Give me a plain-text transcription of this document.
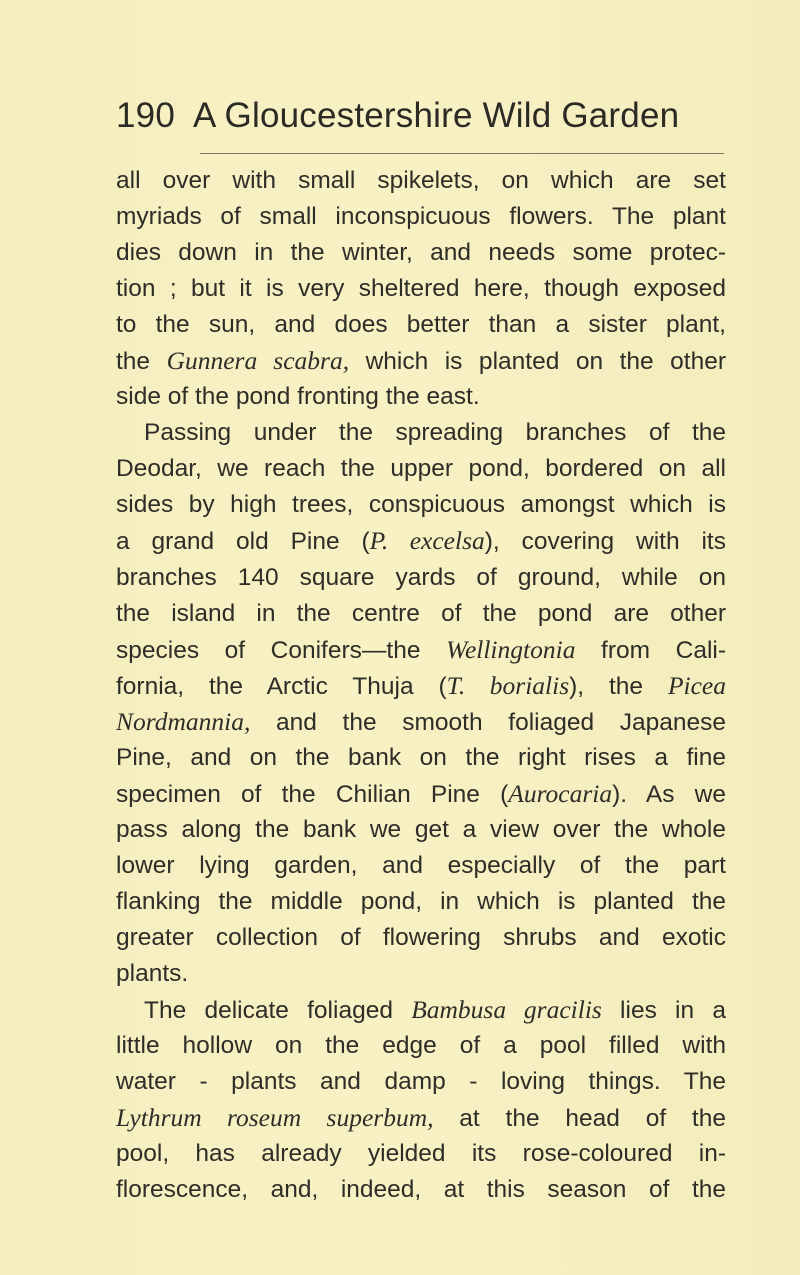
190 A Gloucestershire Wild Garden
all over with small spikelets, on which are set
myriads of small inconspicuous flowers. The plant
dies down in the winter, and needs some protec-
tion ; but it is very sheltered here, though exposed
to the sun, and does better than a sister plant,
the Gunnera scabra, which is planted on the other
side of the pond fronting the east.
Passing under the spreading branches of the
Deodar, we reach the upper pond, bordered on all
sides by high trees, conspicuous amongst which is
a grand old Pine (P. excelsa), covering with its
branches 140 square yards of ground, while on
the island in the centre of the pond are other
species of Conifers—the Wellingtonia from Cali-
fornia, the Arctic Thuja (T. borialis), the Picea
Nordmannia, and the smooth foliaged Japanese
Pine, and on the bank on the right rises a fine
specimen of the Chilian Pine (Aurocaria). As we
pass along the bank we get a view over the whole
lower lying garden, and especially of the part
flanking the middle pond, in which is planted the
greater collection of flowering shrubs and exotic
plants.
The delicate foliaged Bambusa gracilis lies in a
little hollow on the edge of a pool filled with
water - plants and damp - loving things. The
Lythrum roseum superbum, at the head of the
pool, has already yielded its rose-coloured in-
florescence, and, indeed, at this season of the
